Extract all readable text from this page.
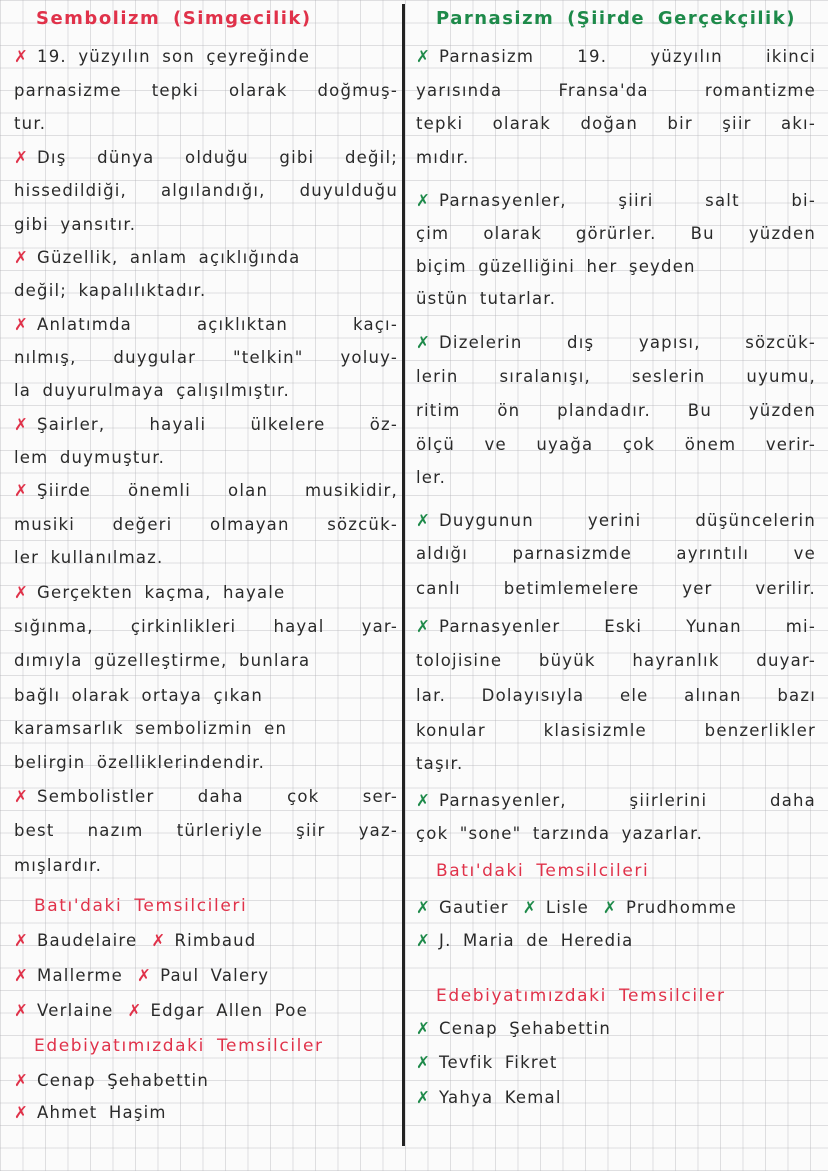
Sembolizm (Simgecilik)
✗ 19. yüzyılın son çeyreğinde
parnasizme tepki olarak doğmuş-
tur.
✗ Dış dünya olduğu gibi değil;
hissedildiği, algılandığı, duyulduğu
gibi yansıtır.
✗ Güzellik, anlam açıklığında
değil; kapalılıktadır.
✗ Anlatımda açıklıktan kaçı-
nılmış, duygular "telkin" yoluy-
la duyurulmaya çalışılmıştır.
✗ Şairler, hayali ülkelere öz-
lem duymuştur.
✗ Şiirde önemli olan musikidir,
musiki değeri olmayan sözcük-
ler kullanılmaz.
✗ Gerçekten kaçma, hayale
sığınma, çirkinlikleri hayal yar-
dımıyla güzelleştirme, bunlara
bağlı olarak ortaya çıkan
karamsarlık sembolizmin en
belirgin özelliklerindendir.
✗ Sembolistler daha çok ser-
best nazım türleriyle şiir yaz-
mışlardır.
Batı'daki Temsilcileri
✗ Baudelaire ✗ Rimbaud
✗ Mallerme ✗ Paul Valery
✗ Verlaine ✗ Edgar Allen Poe
Edebiyatımızdaki Temsilciler
✗ Cenap Şehabettin
✗ Ahmet Haşim
Parnasizm (Şiirde Gerçekçilik)
✗ Parnasizm 19. yüzyılın ikinci
yarısında Fransa'da romantizme
tepki olarak doğan bir şiir akı-
mıdır.
✗ Parnasyenler, şiiri salt bi-
çim olarak görürler. Bu yüzden
biçim güzelliğini her şeyden
üstün tutarlar.
✗ Dizelerin dış yapısı, sözcük-
lerin sıralanışı, seslerin uyumu,
ritim ön plandadır. Bu yüzden
ölçü ve uyağa çok önem verir-
ler.
✗ Duygunun yerini düşüncelerin
aldığı parnasizmde ayrıntılı ve
canlı betimlemelere yer verilir.
✗ Parnasyenler Eski Yunan mi-
tolojisine büyük hayranlık duyar-
lar. Dolayısıyla ele alınan bazı
konular klasisizmle benzerlikler
taşır.
✗ Parnasyenler, şiirlerini daha
çok "sone" tarzında yazarlar.
Batı'daki Temsilcileri
✗ Gautier ✗ Lisle ✗ Prudhomme
✗ J. Maria de Heredia
Edebiyatımızdaki Temsilciler
✗ Cenap Şehabettin
✗ Tevfik Fikret
✗ Yahya Kemal
